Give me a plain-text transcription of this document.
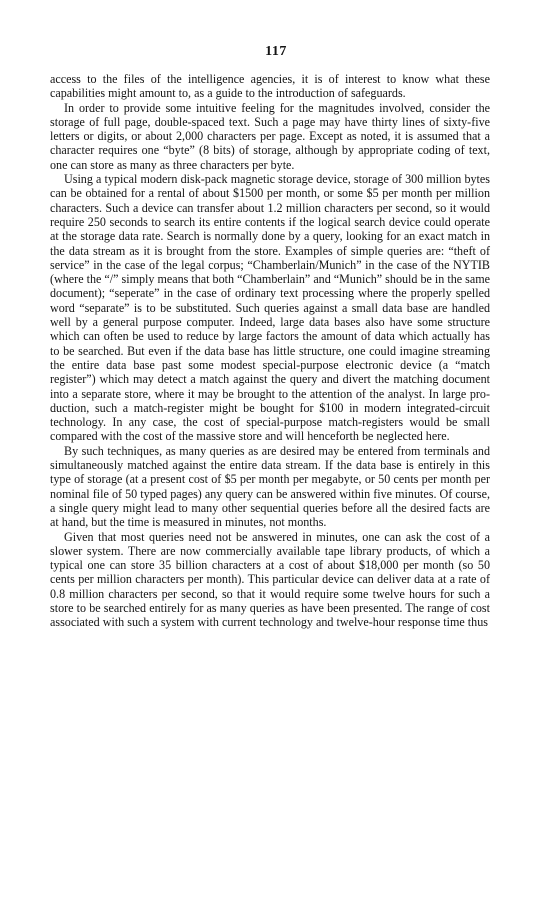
117

access to the files of the intelligence agencies, it is of interest to know what these capabilities might amount to, as a guide to the introduction of safeguards.

In order to provide some intuitive feeling for the magnitudes involved, consider the storage of full page, double-spaced text. Such a page may have thirty lines of sixty-five letters or digits, or about 2,000 characters per page. Except as noted, it is assumed that a character requires one “byte” (8 bits) of storage, although by appropriate coding of text, one can store as many as three characters per byte.

Using a typical modern disk-pack magnetic storage device, storage of 300 million bytes can be obtained for a rental of about $1500 per month, or some $5 per month per million characters. Such a device can transfer about 1.2 million characters per second, so it would require 250 seconds to search its entire contents if the logical search device could operate at the storage data rate. Search is normally done by a query, looking for an exact match in the data stream as it is brought from the store. Examples of simple queries are: “theft of service” in the case of the legal corpus; “Chamberlain/Munich” in the case of the NYTIB (where the “/” simply means that both “Chamberlain” and “Munich” should be in the same document); “seperate” in the case of ordinary text processing where the properly spelled word “separate” is to be substituted. Such queries against a small data base are handled well by a general purpose computer. Indeed, large data bases also have some structure which can often be used to reduce by large factors the amount of data which actually has to be searched. But even if the data base has little structure, one could imagine streaming the entire data base past some modest special-purpose electronic device (a “match register”) which may detect a match against the query and divert the matching document into a separate store, where it may be brought to the attention of the analyst. In large production, such a match-register might be bought for $100 in modern integrated-circuit technology. In any case, the cost of special-purpose match-registers would be small compared with the cost of the massive store and will henceforth be neglected here.

By such techniques, as many queries as are desired may be entered from terminals and simultaneously matched against the entire data stream. If the data base is entirely in this type of storage (at a present cost of $5 per month per megabyte, or 50 cents per month per nominal file of 50 typed pages) any query can be answered within five minutes. Of course, a single query might lead to many other sequential queries before all the desired facts are at hand, but the time is measured in minutes, not months.

Given that most queries need not be answered in minutes, one can ask the cost of a slower system. There are now commercially available tape library products, of which a typical one can store 35 billion characters at a cost of about $18,000 per month (so 50 cents per million characters per month). This particular device can deliver data at a rate of 0.8 million characters per second, so that it would require some twelve hours for such a store to be searched entirely for as many queries as have been presented. The range of cost associated with such a system with current technology and twelve-hour response time thus
